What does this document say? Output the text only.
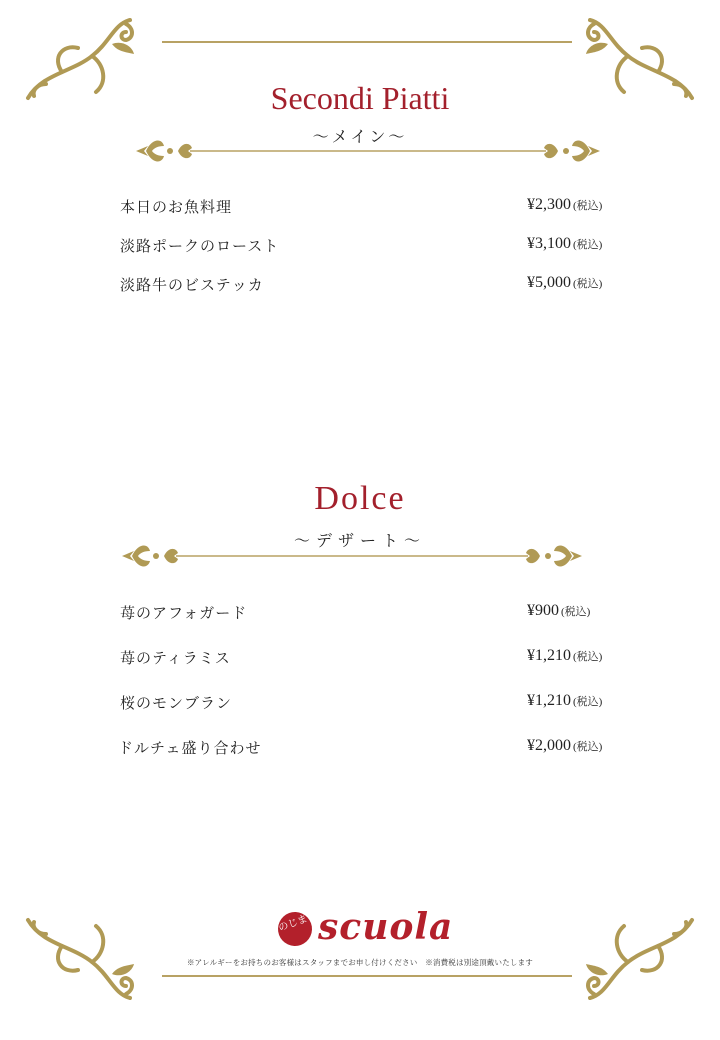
Secondi Piatti
〜メイン〜
本日のお魚料理	¥2,300 (税込)
淡路ポークのロースト	¥3,100 (税込)
淡路牛のビステッカ	¥5,000 (税込)
Dolce
〜デザート〜
苺のアフォガード	¥900 (税込)
苺のティラミス	¥1,210 (税込)
桜のモンブラン	¥1,210 (税込)
ドルチェ盛り合わせ	¥2,000 (税込)
のじま scuola
※アレルギーをお持ちのお客様はスタッフまでお申し付けください　※消費税は別途頂戴いたします
